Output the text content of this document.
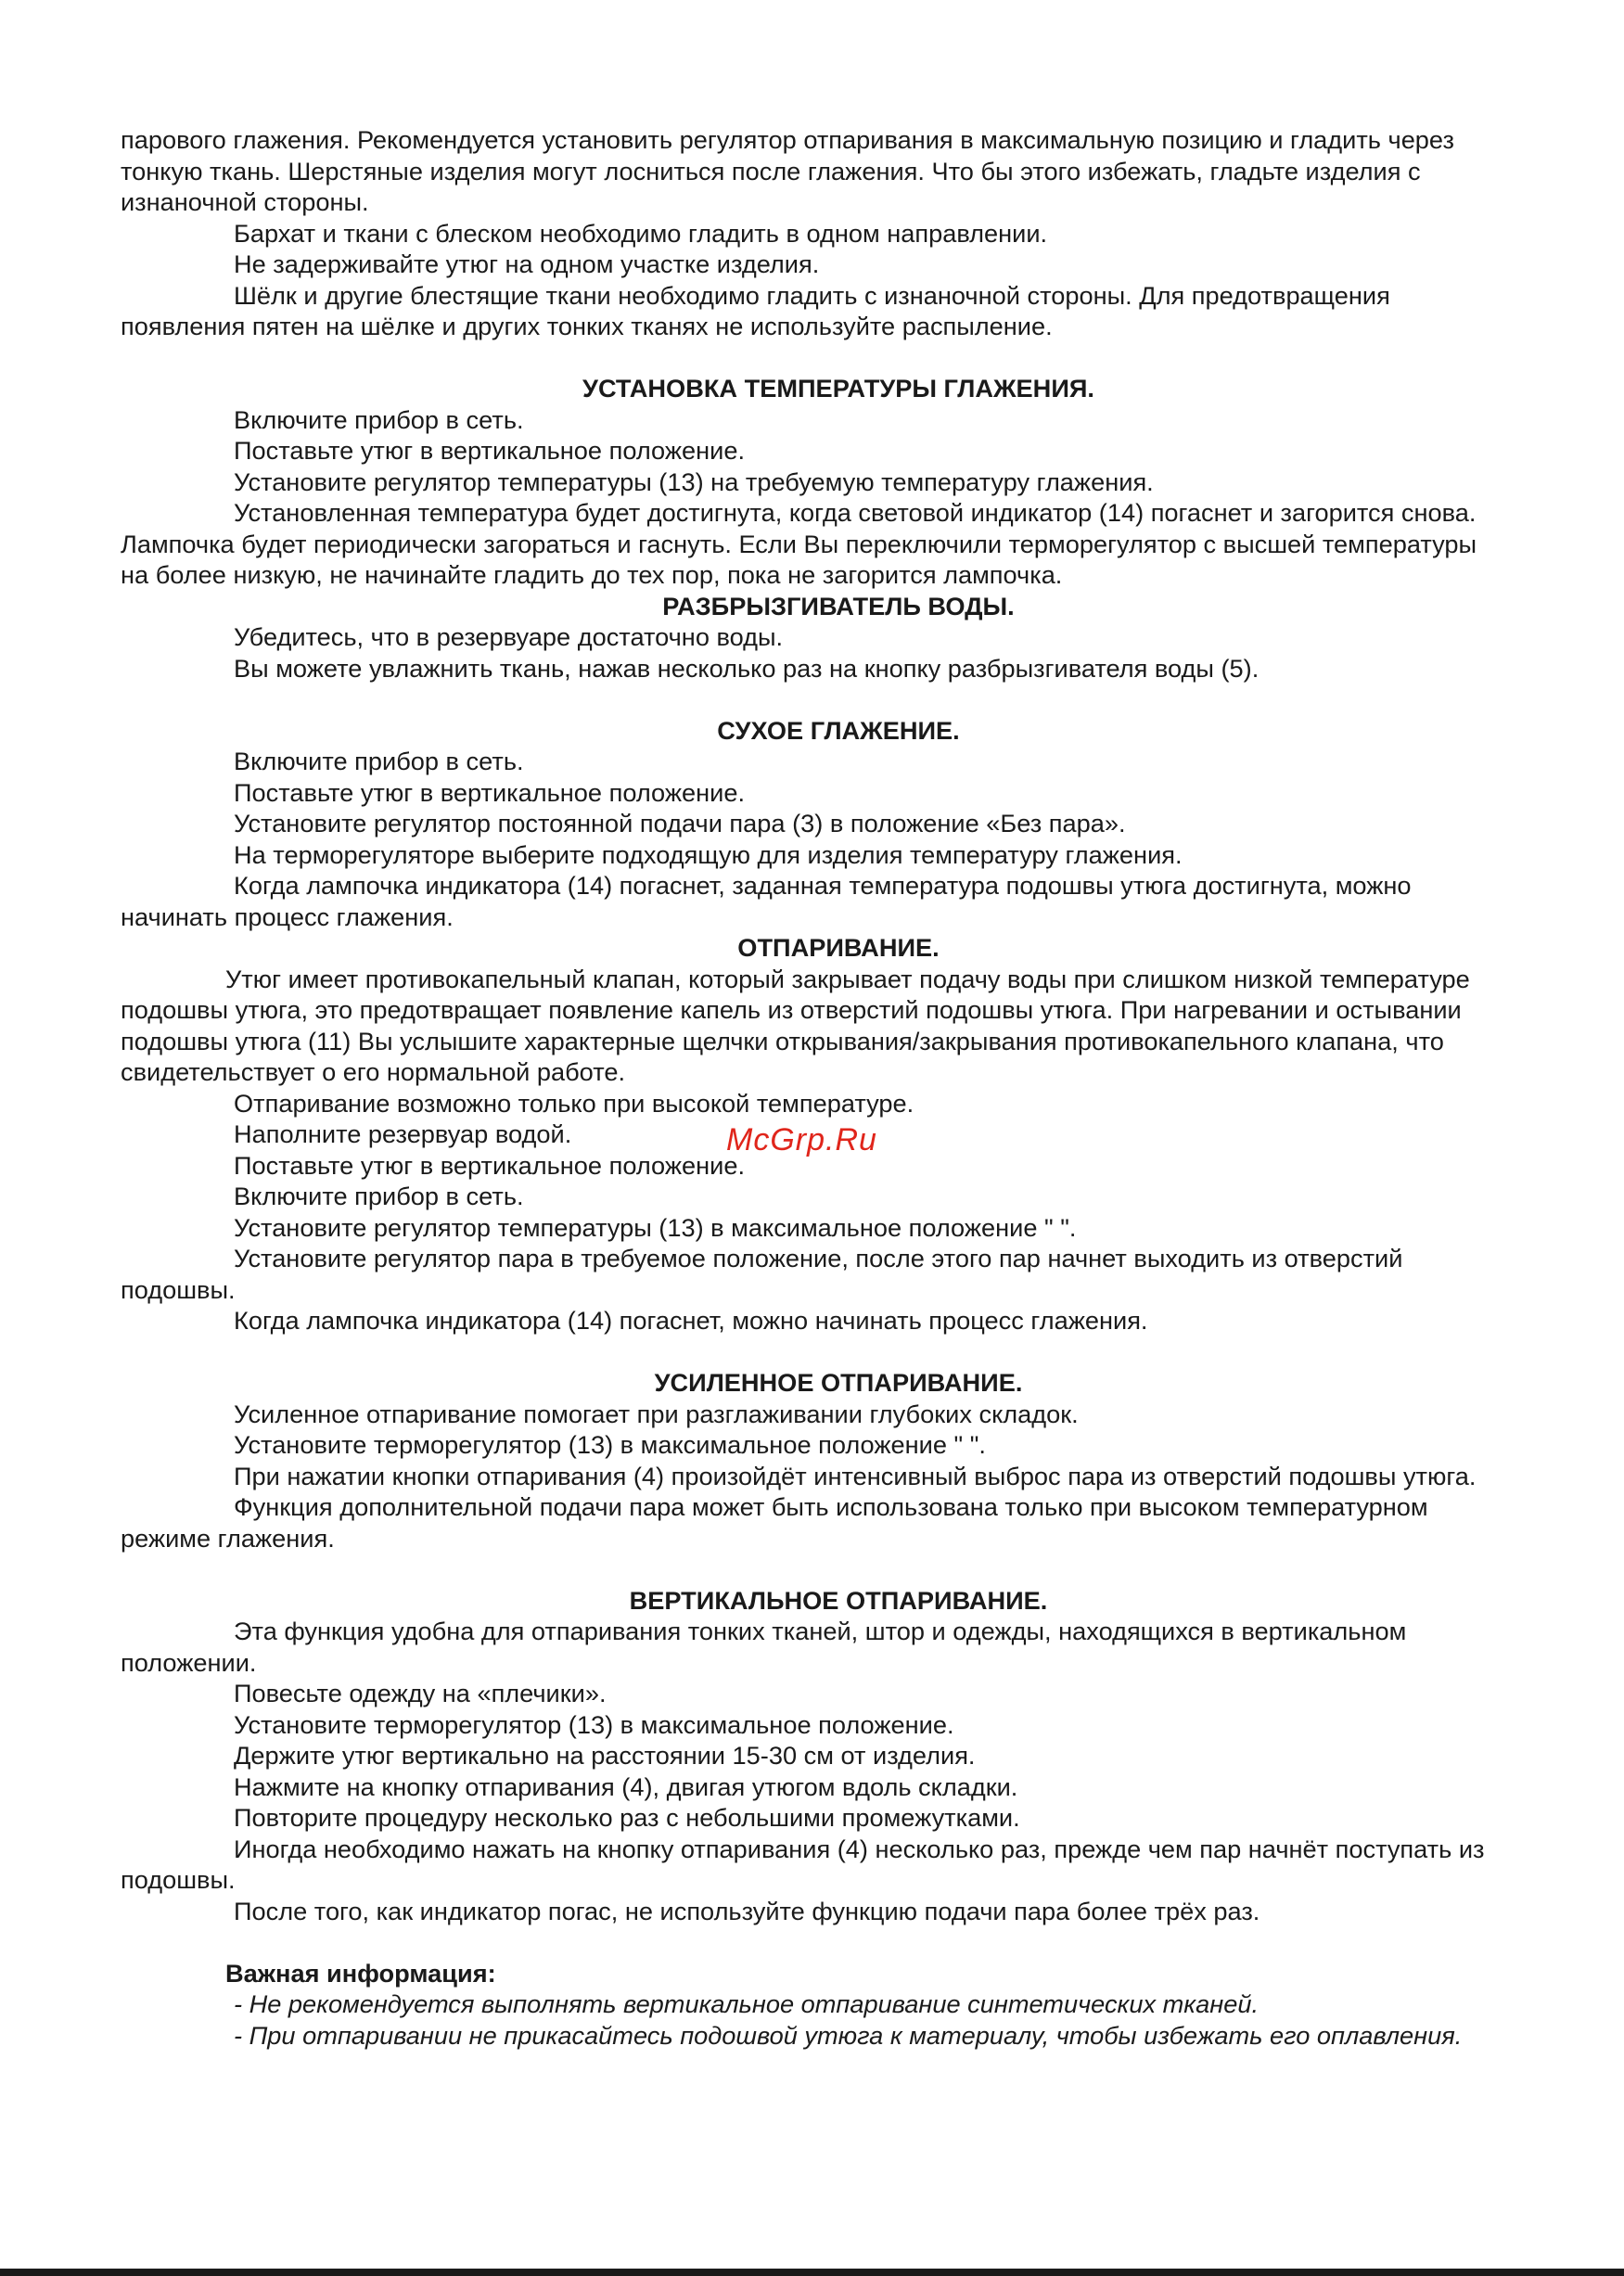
парового глажения. Рекомендуется установить регулятор отпаривания в максимальную позицию и гладить через тонкую ткань. Шерстяные изделия могут лосниться после глажения. Что бы этого избежать, гладьте изделия с изнаночной стороны.

Бархат и ткани с блеском необходимо гладить в одном направлении.

Не задерживайте утюг на одном участке изделия.

Шёлк и другие блестящие ткани необходимо гладить с изнаночной стороны. Для предотвращения появления пятен на шёлке и других тонких тканях не используйте распыление.

УСТАНОВКА ТЕМПЕРАТУРЫ ГЛАЖЕНИЯ.

Включите прибор в сеть.

Поставьте утюг в вертикальное положение.

Установите регулятор температуры (13) на требуемую температуру глажения.

Установленная температура будет достигнута, когда световой индикатор (14) погаснет и загорится снова. Лампочка будет периодически загораться и гаснуть. Если Вы переключили терморегулятор с высшей температуры на более низкую, не начинайте гладить до тех пор, пока не загорится лампочка.

РАЗБРЫЗГИВАТЕЛЬ ВОДЫ.

Убедитесь, что в резервуаре достаточно воды.

Вы можете увлажнить ткань, нажав несколько раз на кнопку разбрызгивателя воды (5).

СУХОЕ ГЛАЖЕНИЕ.

Включите прибор в сеть.

Поставьте утюг в вертикальное положение.

Установите регулятор постоянной подачи пара (3) в положение «Без пара».

На терморегуляторе выберите подходящую для изделия температуру глажения.

Когда лампочка индикатора (14) погаснет, заданная температура подошвы утюга достигнута, можно начинать процесс глажения.

ОТПАРИВАНИЕ.

Утюг имеет противокапельный клапан, который закрывает подачу воды при слишком низкой температуре подошвы утюга, это предотвращает появление капель из отверстий подошвы утюга. При нагревании и остывании подошвы утюга (11) Вы услышите характерные щелчки открывания/закрывания противокапельного клапана, что свидетельствует о его нормальной работе.

Отпаривание возможно только при высокой температуре.

Наполните резервуар водой.

Поставьте утюг в вертикальное положение.

Включите прибор в сеть.

Установите регулятор температуры (13) в максимальное положение " ".

Установите регулятор пара в требуемое положение, после этого пар начнет выходить из отверстий подошвы.

Когда лампочка индикатора (14) погаснет, можно начинать процесс глажения.

УСИЛЕННОЕ ОТПАРИВАНИЕ.

Усиленное отпаривание помогает при разглаживании глубоких складок.

Установите терморегулятор (13) в максимальное положение " ".

При нажатии кнопки отпаривания (4) произойдёт интенсивный выброс пара из отверстий подошвы утюга.

Функция дополнительной подачи пара может быть использована только при высоком температурном режиме глажения.

ВЕРТИКАЛЬНОЕ ОТПАРИВАНИЕ.

Эта функция удобна для отпаривания тонких тканей, штор и одежды, находящихся в вертикальном положении.

Повесьте одежду на «плечики».

Установите терморегулятор (13) в максимальное положение.

Держите утюг вертикально на расстоянии 15-30 см от изделия.

Нажмите на кнопку отпаривания (4), двигая утюгом вдоль складки.

Повторите процедуру несколько раз с небольшими промежутками.

Иногда необходимо нажать на кнопку отпаривания (4) несколько раз, прежде чем пар начнёт поступать из подошвы.

После того, как индикатор погас, не используйте функцию подачи пара более трёх раз.

Важная информация:

- Не рекомендуется выполнять вертикальное отпаривание синтетических тканей.

- При отпаривании не прикасайтесь подошвой утюга к материалу, чтобы избежать его оплавления.

McGrp.Ru
